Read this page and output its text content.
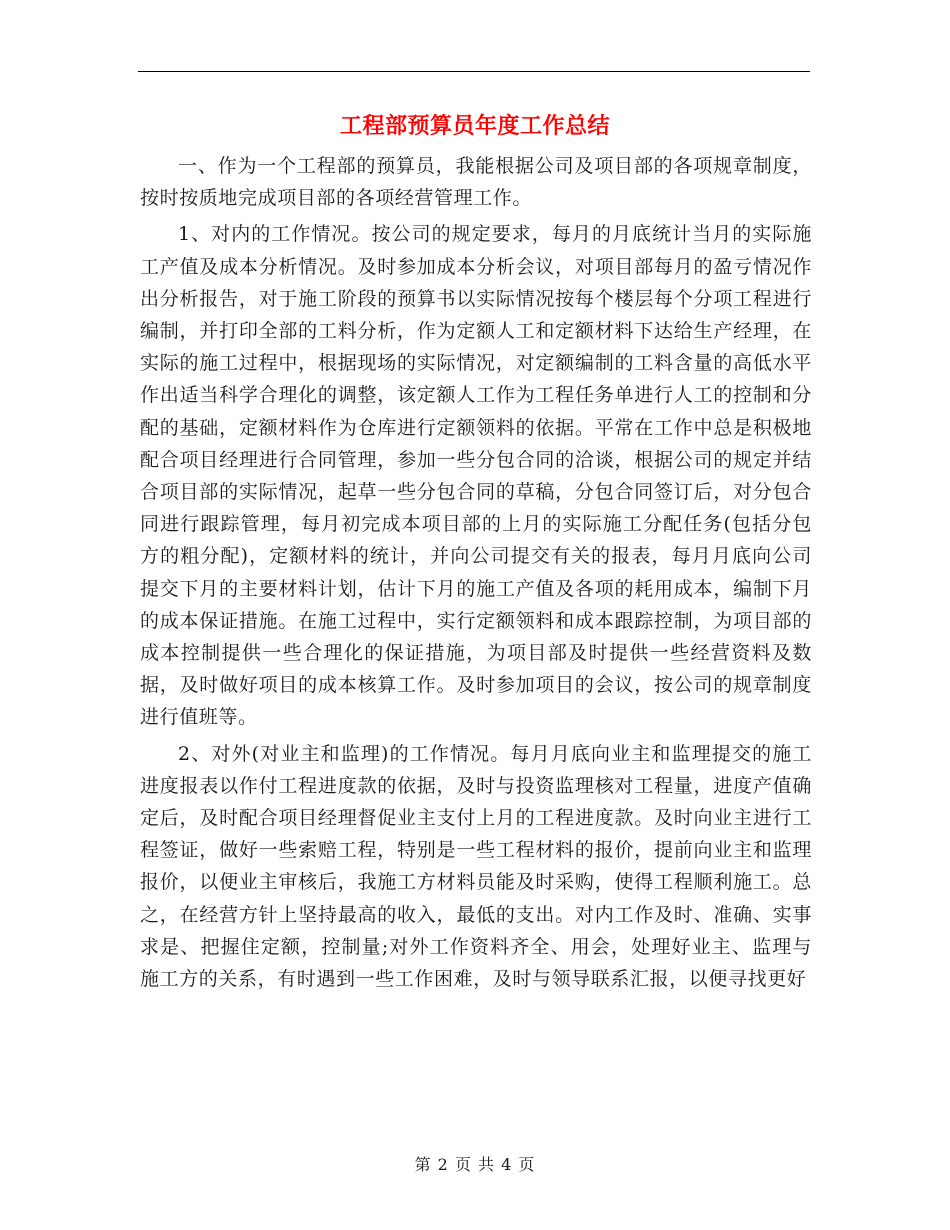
工程部预算员年度工作总结

一、作为一个工程部的预算员，我能根据公司及项目部的各项规章制度，按时按质地完成项目部的各项经营管理工作。

1、对内的工作情况。按公司的规定要求，每月的月底统计当月的实际施工产值及成本分析情况。及时参加成本分析会议，对项目部每月的盈亏情况作出分析报告，对于施工阶段的预算书以实际情况按每个楼层每个分项工程进行编制，并打印全部的工料分析，作为定额人工和定额材料下达给生产经理，在实际的施工过程中，根据现场的实际情况，对定额编制的工料含量的高低水平作出适当科学合理化的调整，该定额人工作为工程任务单进行人工的控制和分配的基础，定额材料作为仓库进行定额领料的依据。平常在工作中总是积极地配合项目经理进行合同管理，参加一些分包合同的洽谈，根据公司的规定并结合项目部的实际情况，起草一些分包合同的草稿，分包合同签订后，对分包合同进行跟踪管理，每月初完成本项目部的上月的实际施工分配任务(包括分包方的粗分配)，定额材料的统计，并向公司提交有关的报表，每月月底向公司提交下月的主要材料计划，估计下月的施工产值及各项的耗用成本，编制下月的成本保证措施。在施工过程中，实行定额领料和成本跟踪控制，为项目部的成本控制提供一些合理化的保证措施，为项目部及时提供一些经营资料及数据，及时做好项目的成本核算工作。及时参加项目的会议，按公司的规章制度进行值班等。

2、对外(对业主和监理)的工作情况。每月月底向业主和监理提交的施工进度报表以作付工程进度款的依据，及时与投资监理核对工程量，进度产值确定后，及时配合项目经理督促业主支付上月的工程进度款。及时向业主进行工程签证，做好一些索赔工程，特别是一些工程材料的报价，提前向业主和监理报价，以便业主审核后，我施工方材料员能及时采购，使得工程顺利施工。总之，在经营方针上坚持最高的收入，最低的支出。对内工作及时、准确、实事求是、把握住定额，控制量;对外工作资料齐全、用会，处理好业主、监理与施工方的关系，有时遇到一些工作困难，及时与领导联系汇报，以便寻找更好

第 2 页 共 4 页
